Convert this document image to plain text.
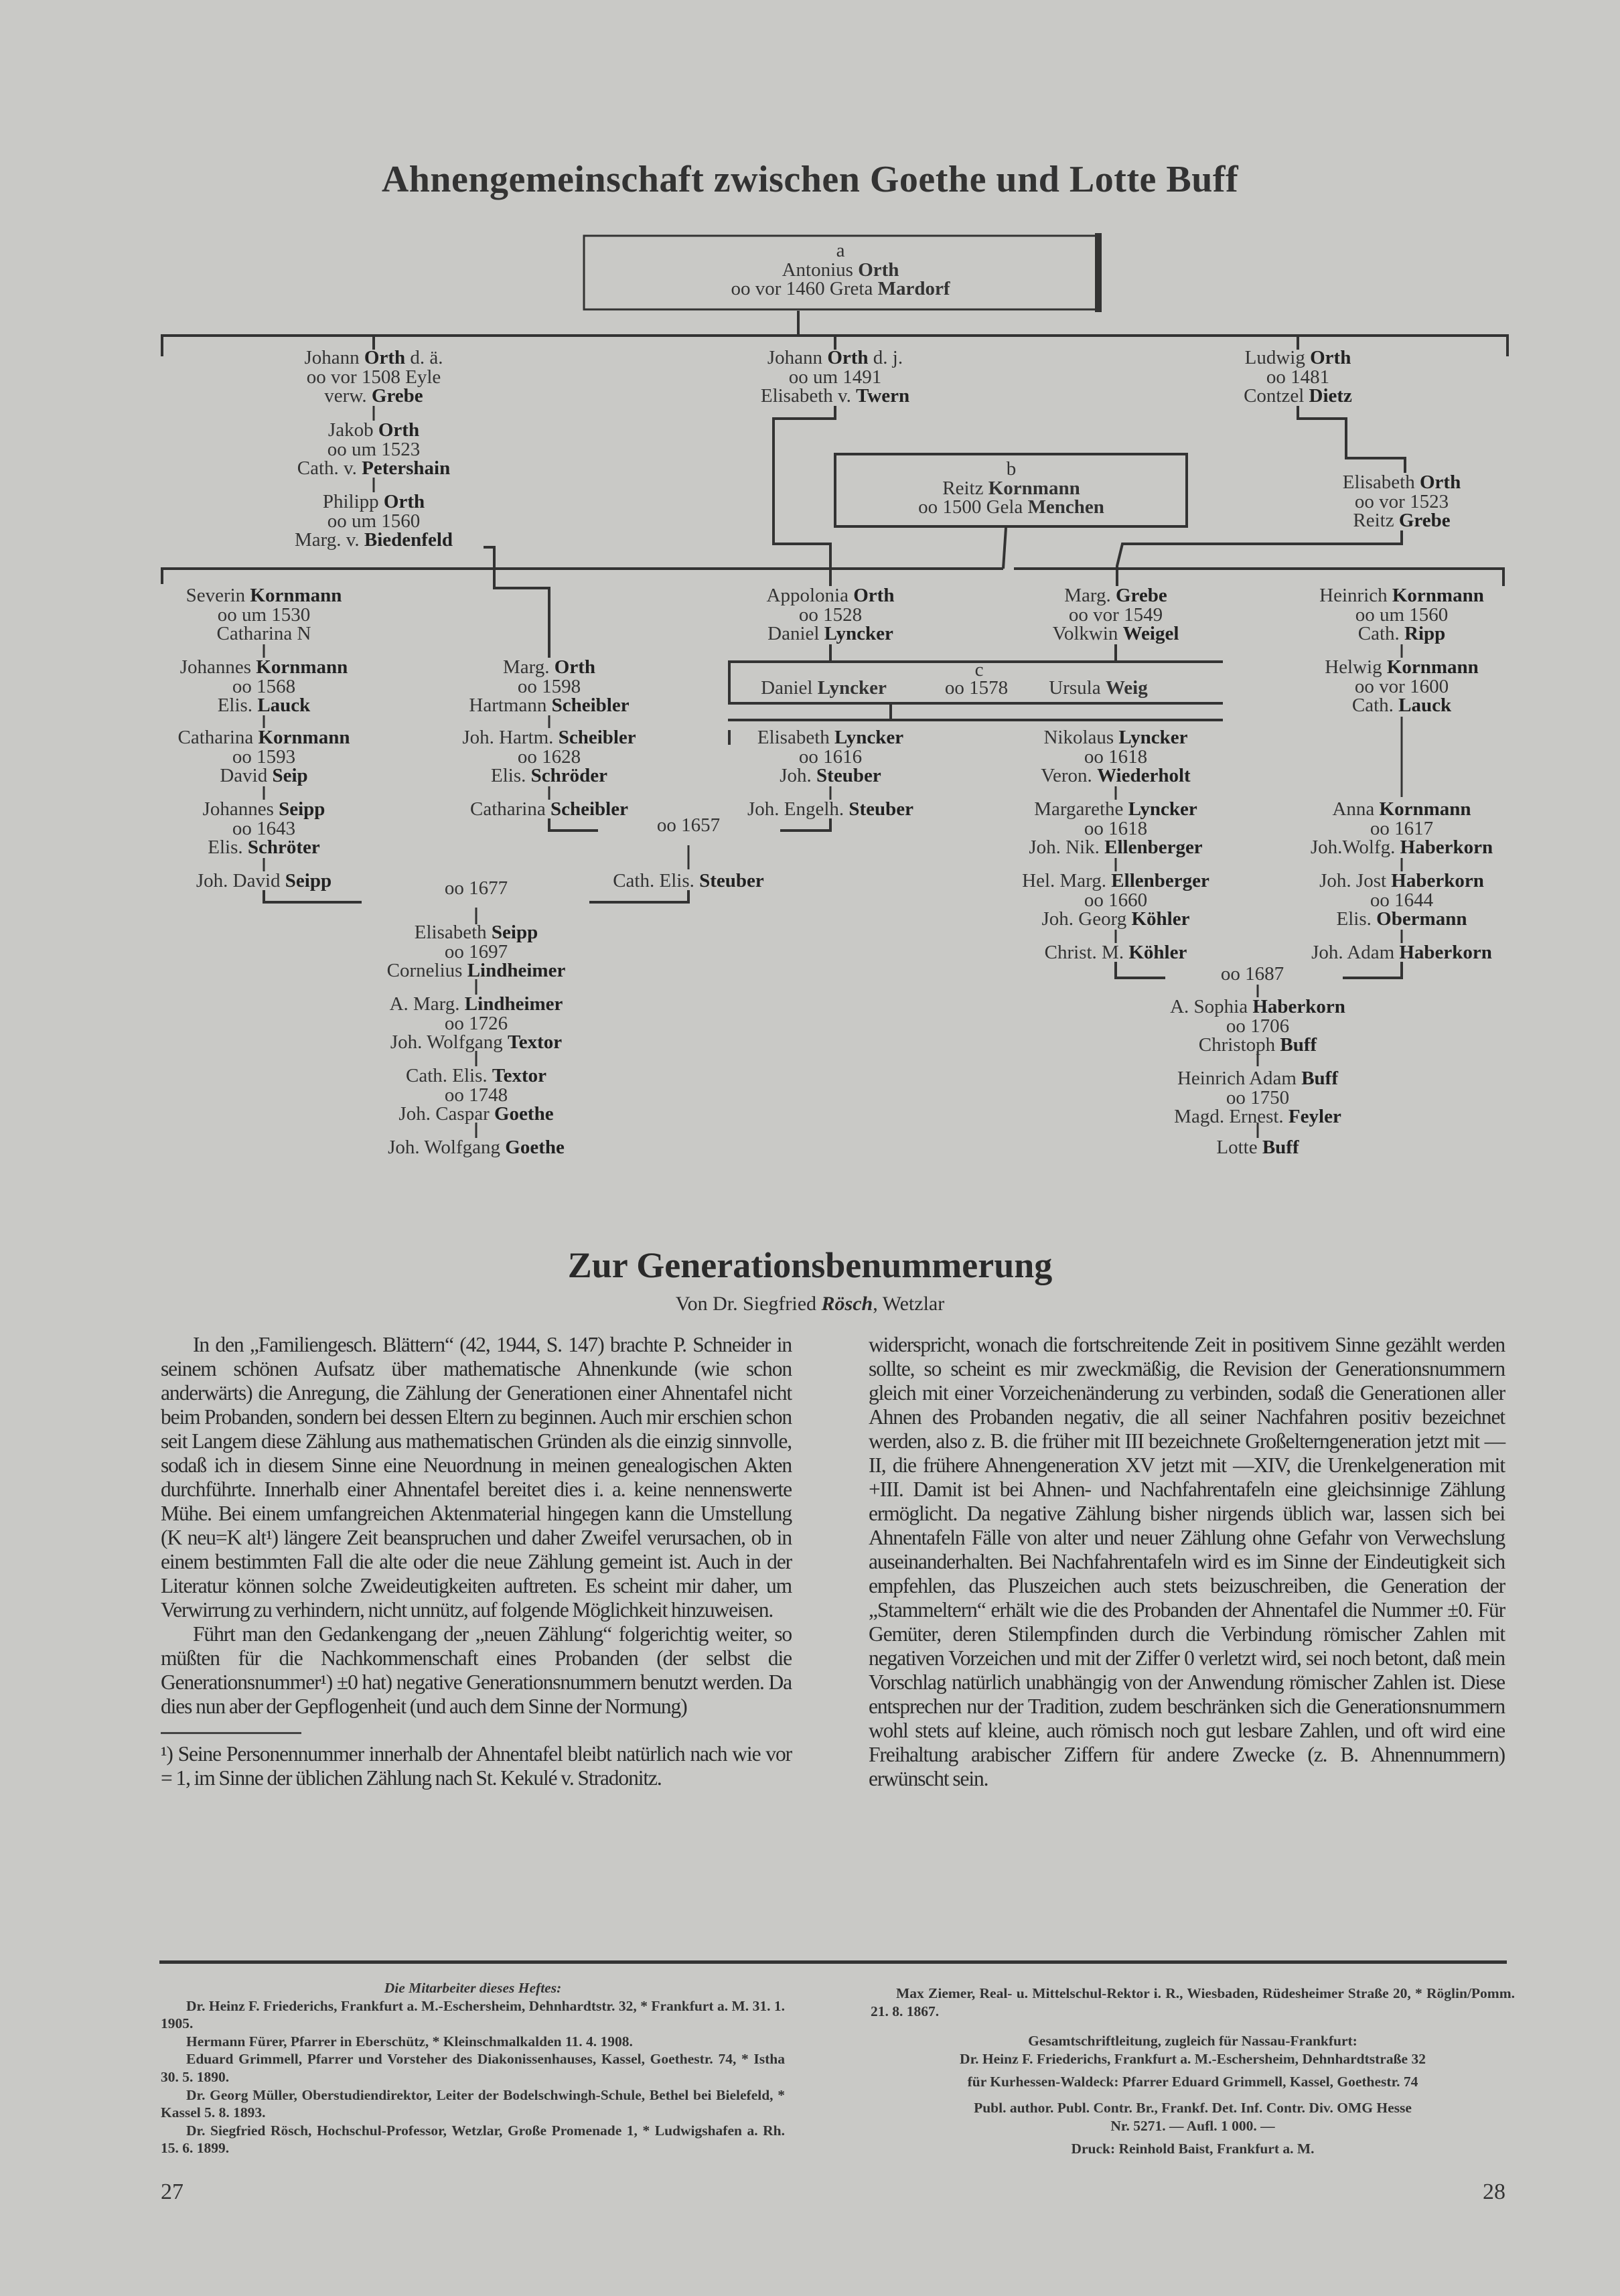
Ahnengemeinschaft zwischen Goethe und Lotte Buff
a
Antonius Orth
oo vor 1460 Greta Mardorf
b
Reitz Kornmann
oo 1500 Gela Menchen
c
Daniel Lyncker	oo 1578 Ursula Weig
oo 1657
oo 1677
oo 1687
Johann Orth d. ä.
oo vor 1508 Eyle
verw. Grebe
Jakob Orth
oo um 1523
Cath. v. Petershain
Philipp Orth
oo um 1560
Marg. v. Biedenfeld
Johann Orth d. j.
oo um 1491
Elisabeth v. Twern
Ludwig Orth
oo 1481
Contzel Dietz
Elisabeth Orth
oo vor 1523
Reitz Grebe
Severin Kornmann
oo um 1530
Catharina N
Johannes Kornmann
oo 1568
Elis. Lauck
Catharina Kornmann
oo 1593
David Seip
Johannes Seipp
oo 1643
Elis. Schröter
Joh. David Seipp
Marg. Orth
oo 1598
Hartmann Scheibler
Joh. Hartm. Scheibler
oo 1628
Elis. Schröder
Catharina Scheibler
Cath. Elis. Steuber
Elisabeth Seipp
oo 1697
Cornelius Lindheimer
A. Marg. Lindheimer
oo 1726
Joh. Wolfgang Textor
Cath. Elis. Textor
oo 1748
Joh. Caspar Goethe
Joh. Wolfgang Goethe
Appolonia Orth
oo 1528
Daniel Lyncker
Elisabeth Lyncker
oo 1616
Joh. Steuber
Joh. Engelh. Steuber
Marg. Grebe
oo vor 1549
Volkwin Weigel
Nikolaus Lyncker
oo 1618
Veron. Wiederholt
Margarethe Lyncker
oo 1618
Joh. Nik. Ellenberger
Hel. Marg. Ellenberger
oo 1660
Joh. Georg Köhler
Christ. M. Köhler
Heinrich Kornmann
oo um 1560
Cath. Ripp
Helwig Kornmann
oo vor 1600
Cath. Lauck
Anna Kornmann
oo 1617
Joh.Wolfg. Haberkorn
Joh. Jost Haberkorn
oo 1644
Elis. Obermann
Joh. Adam Haberkorn
A. Sophia Haberkorn
oo 1706
Christoph Buff
Heinrich Adam Buff
oo 1750
Magd. Ernest. Feyler
Lotte Buff
Zur Generationsbenummerung
Von Dr. Siegfried Rösch, Wetzlar

In den „Familiengesch. Blättern“ (42, 1944, S. 147) brachte P. Schneider in seinem schönen Aufsatz über mathematische Ahnenkunde (wie schon anderwärts) die Anregung, die Zählung der Generationen einer Ahnentafel nicht beim Probanden, sondern bei dessen Eltern zu beginnen. Auch mir erschien schon seit Langem diese Zählung aus mathematischen Gründen als die einzig sinnvolle, sodaß ich in diesem Sinne eine Neuordnung in meinen genealogischen Akten durchführte. Innerhalb einer Ahnentafel bereitet dies i. a. keine nennenswerte Mühe. Bei einem umfangreichen Aktenmaterial hingegen kann die Umstellung (K neu=K alt¹) längere Zeit beanspruchen und daher Zweifel verursachen, ob in einem bestimmten Fall die alte oder die neue Zählung gemeint ist. Auch in der Literatur können solche Zweideutigkeiten auftreten. Es scheint mir daher, um Verwirrung zu verhindern, nicht unnütz, auf folgende Möglichkeit hinzuweisen.

Führt man den Gedankengang der „neuen Zählung“ folgerichtig weiter, so müßten für die Nachkommenschaft eines Probanden (der selbst die Generationsnummer¹) ±0 hat) negative Generationsnummern benutzt werden. Da dies nun aber der Gepflogenheit (und auch dem Sinne der Normung)

¹) Seine Personennummer innerhalb der Ahnentafel bleibt natürlich nach wie vor = 1, im Sinne der üblichen Zählung nach St. Kekulé v. Stradonitz.

widerspricht, wonach die fortschreitende Zeit in positivem Sinne gezählt werden sollte, so scheint es mir zweckmäßig, die Revision der Generationsnummern gleich mit einer Vorzeichenänderung zu verbinden, sodaß die Generationen aller Ahnen des Probanden negativ, die all seiner Nachfahren positiv bezeichnet werden, also z. B. die früher mit III bezeichnete Großelterngeneration jetzt mit —II, die frühere Ahnengeneration XV jetzt mit —XIV, die Urenkelgeneration mit +III. Damit ist bei Ahnen- und Nachfahrentafeln eine gleichsinnige Zählung ermöglicht. Da negative Zählung bisher nirgends üblich war, lassen sich bei Ahnentafeln Fälle von alter und neuer Zählung ohne Gefahr von Verwechslung auseinanderhalten. Bei Nachfahrentafeln wird es im Sinne der Eindeutigkeit sich empfehlen, das Pluszeichen auch stets beizuschreiben, die Generation der „Stammeltern“ erhält wie die des Probanden der Ahnentafel die Nummer ±0. Für Gemüter, deren Stilempfinden durch die Verbindung römischer Zahlen mit negativen Vorzeichen und mit der Ziffer 0 verletzt wird, sei noch betont, daß mein Vorschlag natürlich unabhängig von der Anwendung römischer Zahlen ist. Diese entsprechen nur der Tradition, zudem beschränken sich die Generationsnummern wohl stets auf kleine, auch römisch noch gut lesbare Zahlen, und oft wird eine Freihaltung arabischer Ziffern für andere Zwecke (z. B. Ahnennummern) erwünscht sein.

Die Mitarbeiter dieses Heftes:

Dr. Heinz F. Friederichs, Frankfurt a. M.-Eschersheim, Dehnhardtstr. 32, * Frankfurt a. M. 31. 1. 1905.

Hermann Fürer, Pfarrer in Eberschütz, * Kleinschmalkalden 11. 4. 1908.

Eduard Grimmell, Pfarrer und Vorsteher des Diakonissenhauses, Kassel, Goethestr. 74, * Istha 30. 5. 1890.

Dr. Georg Müller, Oberstudiendirektor, Leiter der Bodelschwingh-Schule, Bethel bei Bielefeld, * Kassel 5. 8. 1893.

Dr. Siegfried Rösch, Hochschul-Professor, Wetzlar, Große Promenade 1, * Ludwigshafen a. Rh. 15. 6. 1899.

Max Ziemer, Real- u. Mittelschul-Rektor i. R., Wiesbaden, Rüdesheimer Straße 20, * Röglin/Pomm. 21. 8. 1867.

Gesamtschriftleitung, zugleich für Nassau-Frankfurt:

Dr. Heinz F. Friederichs, Frankfurt a. M.-Eschersheim, Dehnhardtstraße 32

für Kurhessen-Waldeck: Pfarrer Eduard Grimmell, Kassel, Goethestr. 74

Publ. author. Publ. Contr. Br., Frankf. Det. Inf. Contr. Div. OMG Hesse

Nr. 5271. — Aufl. 1 000. —

Druck: Reinhold Baist, Frankfurt a. M.

27	28
